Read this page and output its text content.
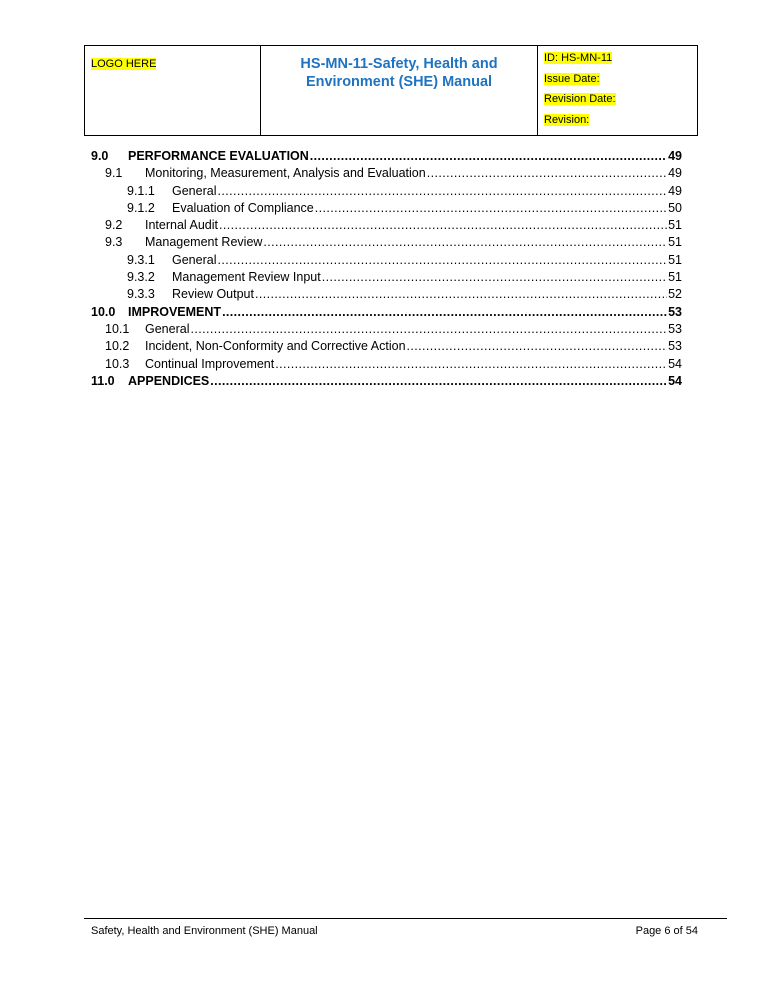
LOGO HERE	HS-MN-11-Safety, Health and
Environment (SHE) Manual
ID: HS-MN-11
Issue Date:
Revision Date:
Revision:
9.0	PERFORMANCE EVALUATION .....	49
9.1	Monitoring, Measurement, Analysis and Evaluation .....	49
9.1.1	General .....	49
9.1.2	Evaluation of Compliance .....	50
9.2	Internal Audit .....	51
9.3	Management Review .....	51
9.3.1	General .....	51
9.3.2	Management Review Input .....	51
9.3.3	Review Output .....	52
10.0	IMPROVEMENT .....	53
10.1	General .....	53
10.2	Incident, Non-Conformity and Corrective Action .....	53
10.3	Continual Improvement .....	54
11.0	APPENDICES .....	54
Safety, Health and Environment (SHE) Manual	Page 6 of 54
